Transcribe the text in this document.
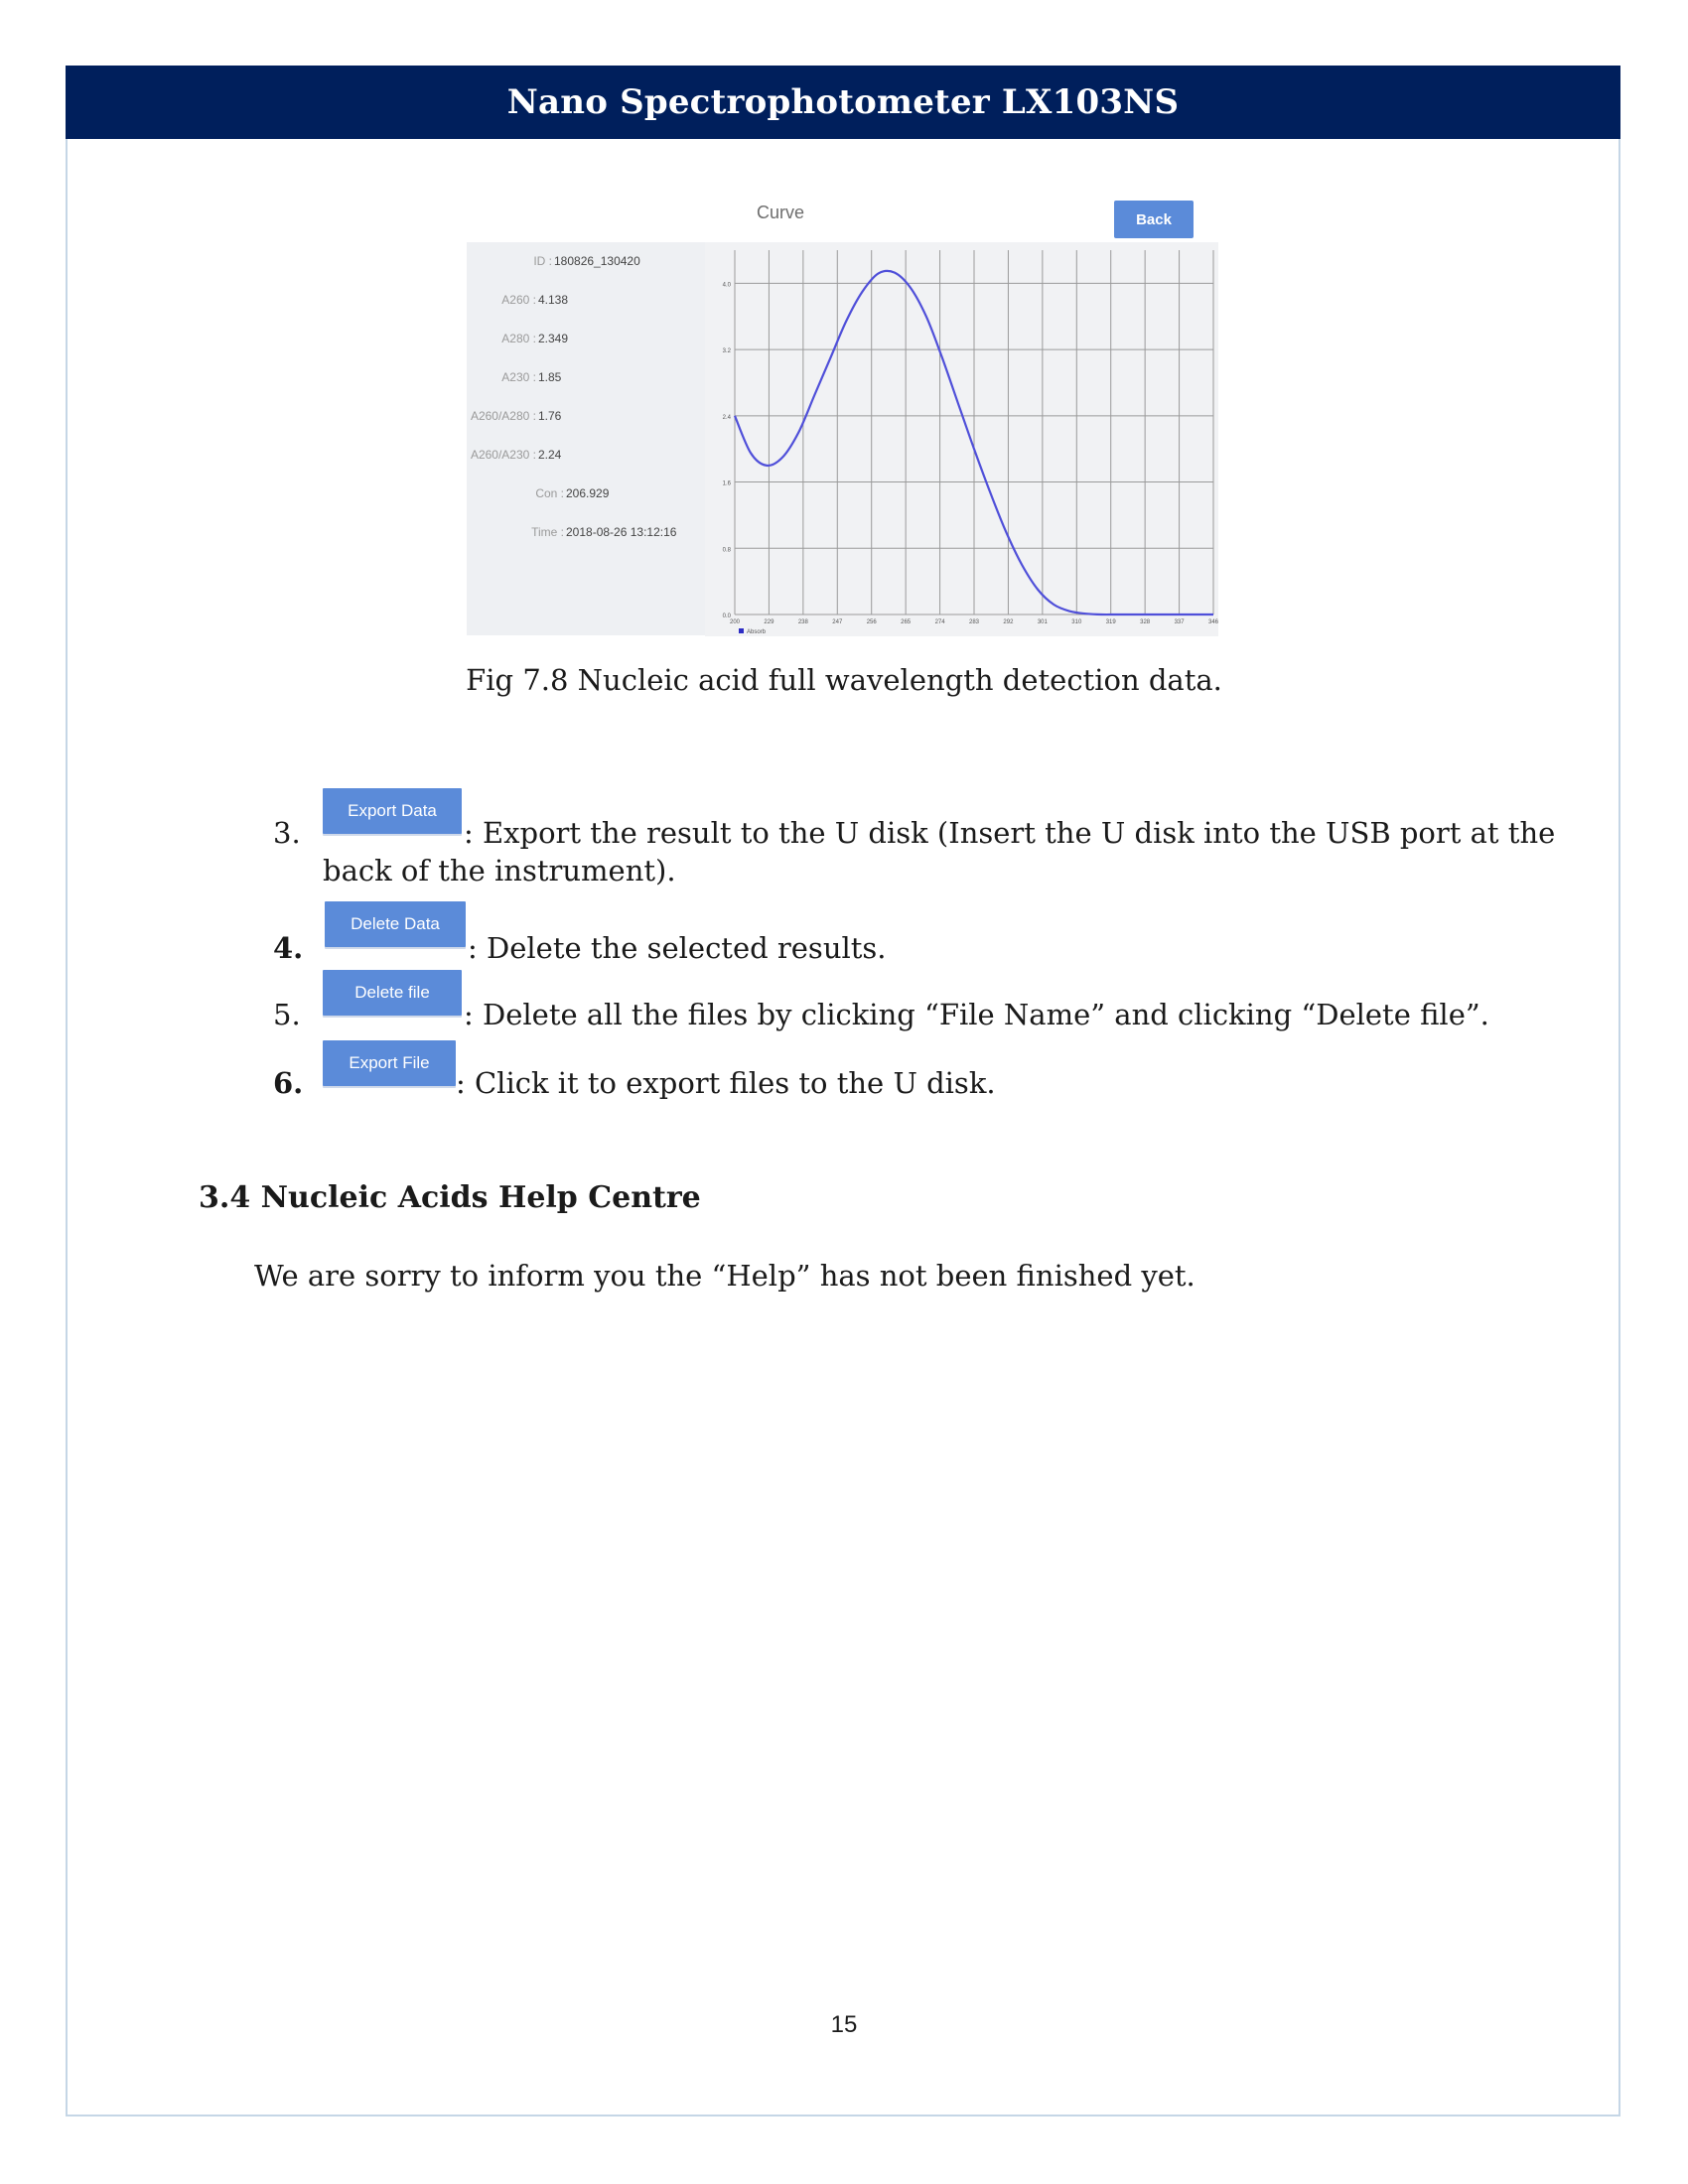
Nano Spectrophotometer LX103NS
Curve	Back
ID :180826_130420
A260 :4.138
A280 :2.349
A230 :1.85
A260/A280 :1.76
A260/A230 :2.24
Con : 206.929
Time : 2018-08-26 13:12:16
4.0
3.2
2.4
1.6
0.8
0.0
200	229	238	247	256	265	274	283	292	301	310	319	328	337	346
Absorb
Fig 7.8 Nucleic acid full wavelength detection data.
3.
Export Data
: Export the result to the U disk (Insert the U disk into the USB port at the
back of the instrument).
4.
Delete Data
: Delete the selected results.
5.
Delete file
: Delete all the files by clicking “File Name” and clicking “Delete file”.
6.
Export File
: Click it to export files to the U disk.
3.4 Nucleic Acids Help Centre
We are sorry to inform you the “Help” has not been finished yet.
15
